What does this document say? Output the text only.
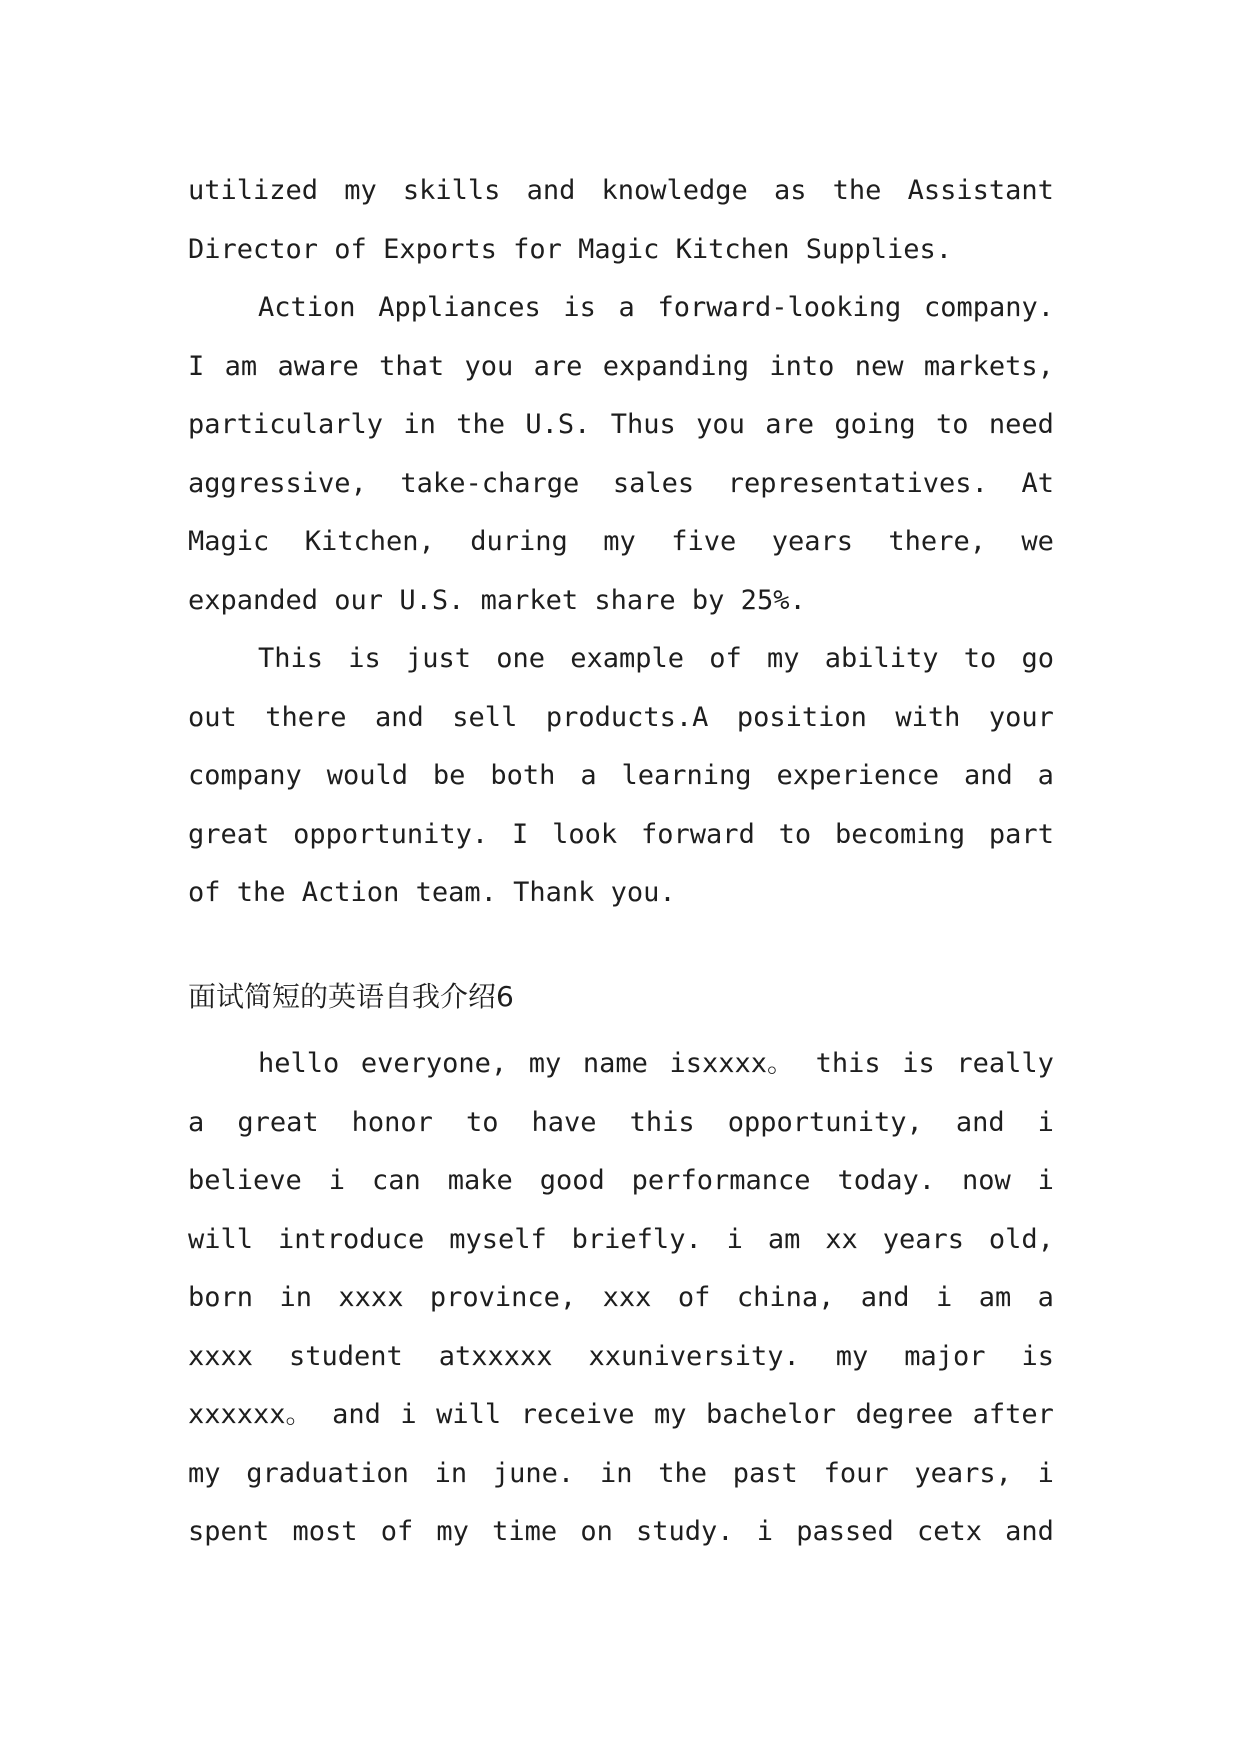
utilized my skills and knowledge as the Assistant
Director of Exports for Magic Kitchen Supplies.
Action Appliances is a forward-looking company.
I am aware that you are expanding into new markets,
particularly in the U.S. Thus you are going to need
aggressive, take-charge sales representatives. At
Magic Kitchen, during my five years there, we
expanded our U.S. market share by 25%.
This is just one example of my ability to go
out there and sell products.A position with your
company would be both a learning experience and a
great opportunity. I look forward to becoming part
of the Action team. Thank you.
面试简短的英语自我介绍6
hello everyone, my name isxxxx。 this is really
a great honor to have this opportunity, and i
believe i can make good performance today. now i
will introduce myself briefly. i am xx years old,
born in xxxx province, xxx of china, and i am a
xxxx student atxxxxx xxuniversity. my major is
xxxxxx。 and i will receive my bachelor degree after
my graduation in june. in the past four years, i
spent most of my time on study. i passed cetx and
